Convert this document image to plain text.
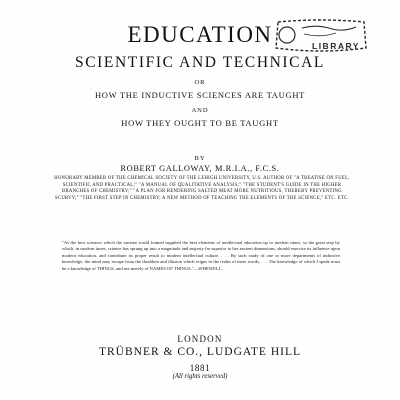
EDUCATION
SCIENTIFIC AND TECHNICAL
OR
HOW THE INDUCTIVE SCIENCES ARE TAUGHT
AND
HOW THEY OUGHT TO BE TAUGHT
BY
ROBERT GALLOWAY, M.R.I.A., F.C.S.
HONORARY MEMBER OF THE CHEMICAL SOCIETY OF THE LEHIGH UNIVERSITY, U.S. AUTHOR OF "A TREATISE ON FUEL, SCIENTIFIC AND PRACTICAL;" "A MANUAL OF QUALITATIVE ANALYSIS;" "THE STUDENT'S GUIDE IN THE HIGHER BRANCHES OF CHEMISTRY;" "A PLAN FOR RENDERING SALTED MEAT MORE NUTRITIOUS, THEREBY PREVENTING SCURVY;" "THE FIRST STEP IN CHEMISTRY; A NEW METHOD OF TEACHING THE ELEMENTS OF THE SCIENCE," ETC. ETC.
"As the best sciences which the ancient world framed supplied the best elements of intellectual education up to modern times, so the great step by which, in modern times, science has sprung up into a magnitude and majesty far superior to her ancient dimensions, should exercise its influence upon modern education, and contribute its proper result to modern intellectual culture. . . . By such study of one or more departments of inductive knowledge, the mind may escape from the thraldom and illusion which reigns in the realm of mere words. . . . The knowledge of which I speak must be a knowledge of THINGS, and not merely of NAMES OF THINGS."—WHEWELL.
LONDON
TRÜBNER & CO., LUDGATE HILL
1881
(All rights reserved)
LIBRARY
